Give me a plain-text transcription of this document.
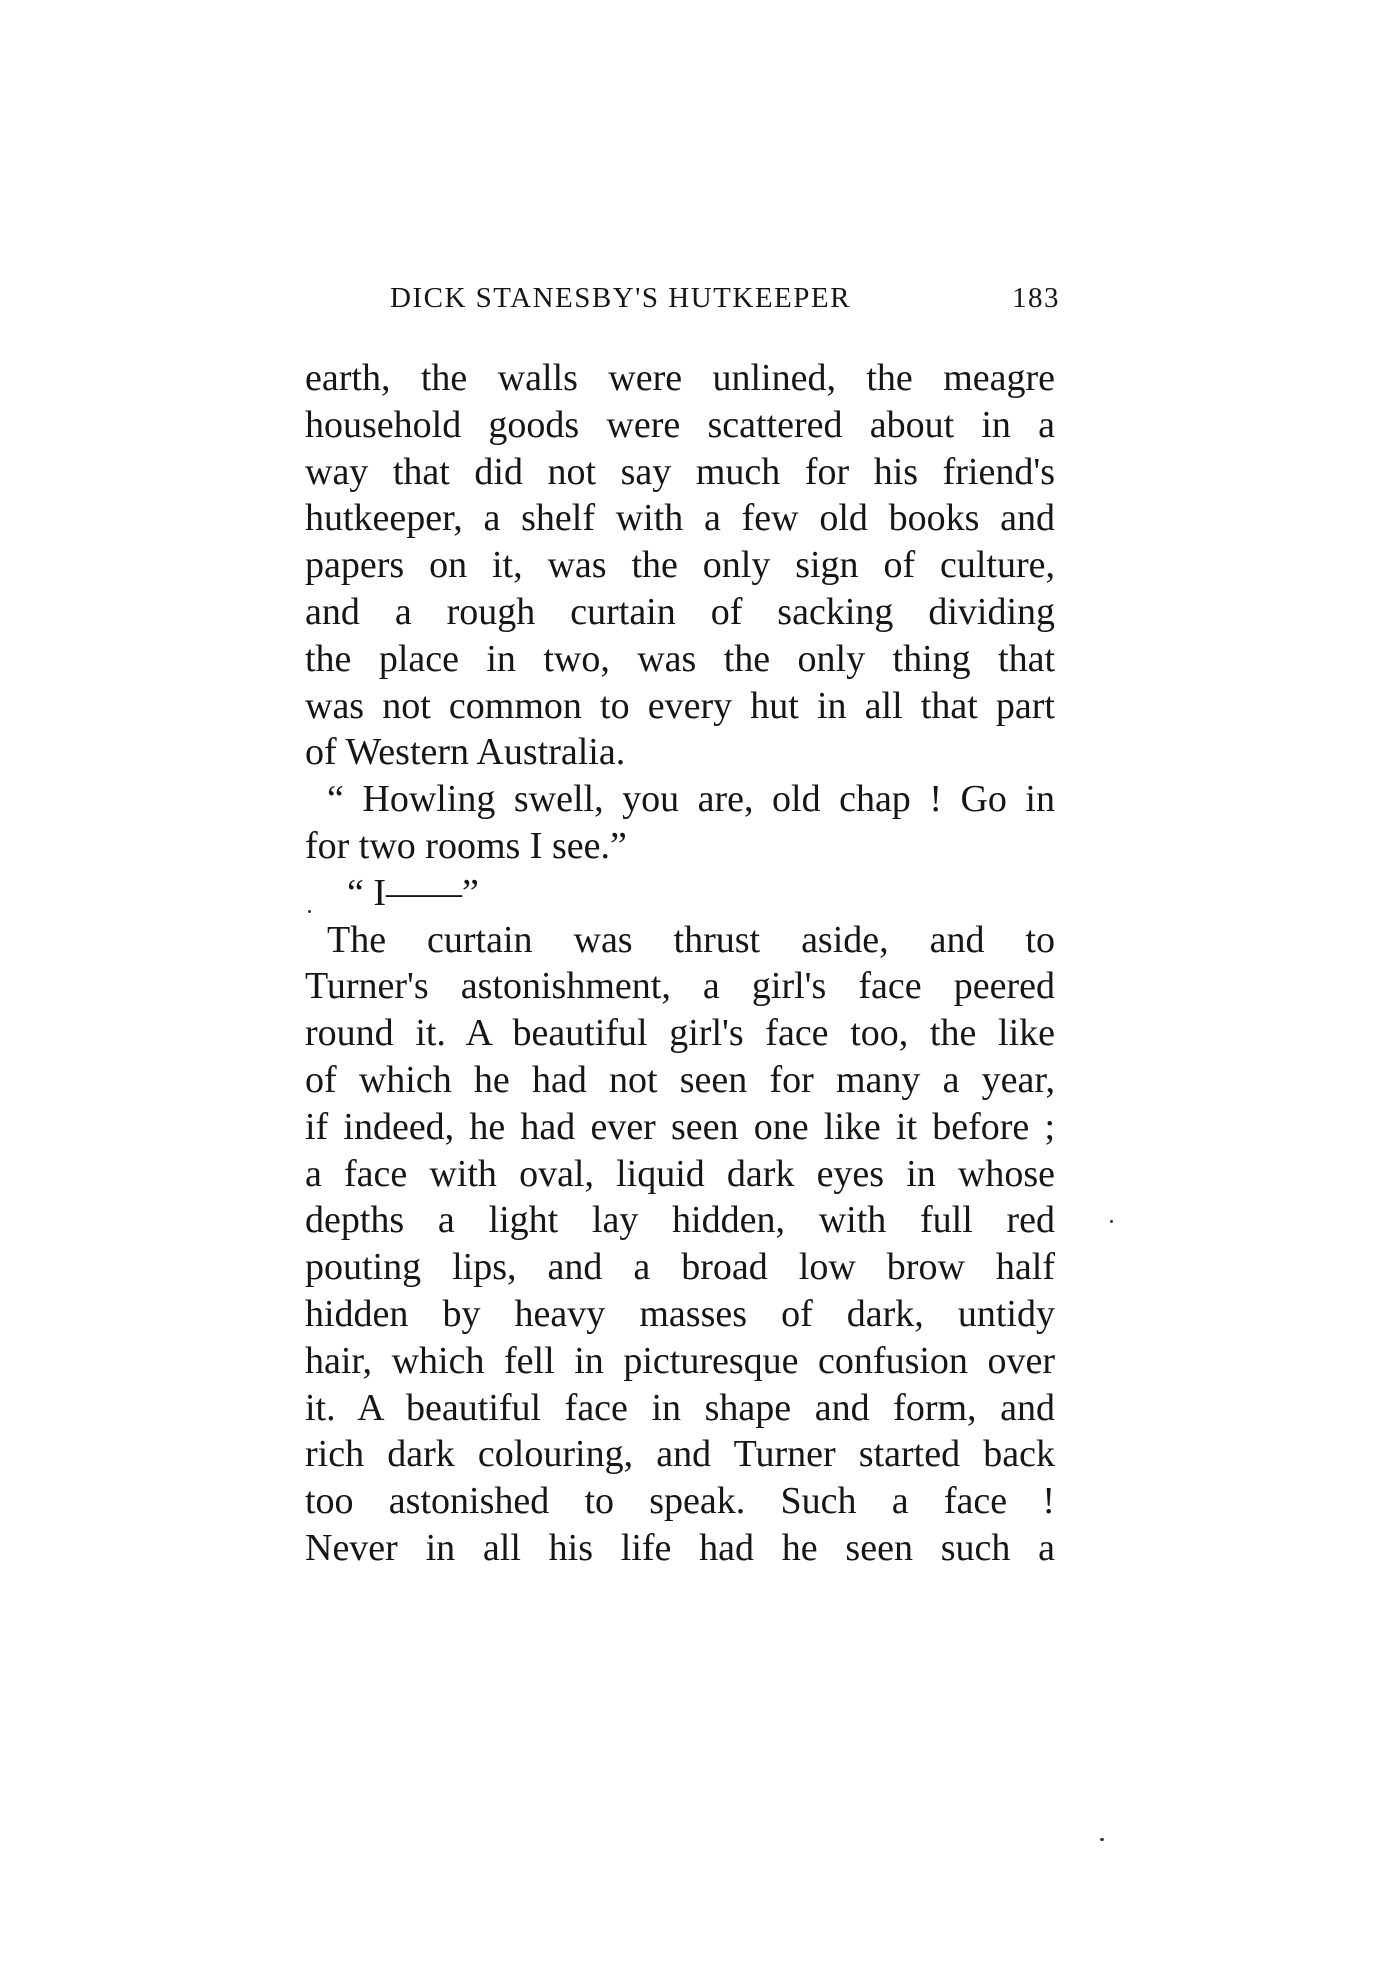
DICK STANESBY'S HUTKEEPER	183
earth, the walls were unlined, the meagre
household goods were scattered about in a
way that did not say much for his friend's
hutkeeper, a shelf with a few old books and
papers on it, was the only sign of culture,
and a rough curtain of sacking dividing
the place in two, was the only thing that
was not common to every hut in all that part
of Western Australia.
“ Howling swell, you are, old chap ! Go in
for two rooms I see.”
“ I——”
The curtain was thrust aside, and to
Turner's astonishment, a girl's face peered
round it. A beautiful girl's face too, the like
of which he had not seen for many a year,
if indeed, he had ever seen one like it before ;
a face with oval, liquid dark eyes in whose
depths a light lay hidden, with full red
pouting lips, and a broad low brow half
hidden by heavy masses of dark, untidy
hair, which fell in picturesque confusion over
it. A beautiful face in shape and form, and
rich dark colouring, and Turner started back
too astonished to speak. Such a face !
Never in all his life had he seen such a
